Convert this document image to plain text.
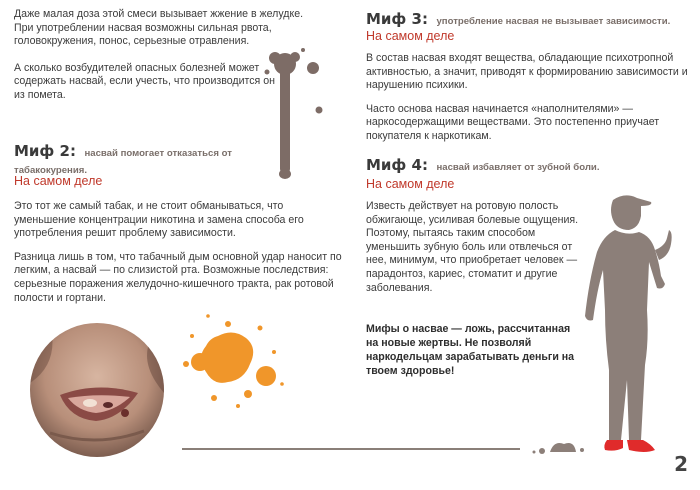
Даже малая доза этой смеси вызывает жжение в желудке. При употреблении насвая возможны сильная рвота, головокружения, понос, серьезные отравления.

А сколько возбудителей опасных болезней может содержать насвай, если учесть, что производится он из помета.

Миф 2: насвай помогает отказаться от
табакокурения.
На самом деле

Это тот же самый табак, и не стоит обманываться, что уменьшение концентрации никотина и замена способа его употребления решит проблему зависимости.

Разница лишь в том, что табачный дым основной удар наносит по легким, а насвай — по слизистой рта. Возможные последствия: серьезные поражения желудочно-кишечного тракта, рак ротовой полости и гортани.

Миф 3: употребление насвая не вызывает зависимости.
На самом деле

В состав насвая входят вещества, обладающие психотропной активностью, а значит, приводят к формированию зависимости и нарушению психики.

Часто основа насвая начинается «наполнителями» — наркосодержащими веществами. Это постепенно приучает покупателя к наркотикам.

Миф 4: насвай избавляет от зубной боли.
На самом деле

Известь действует на ротовую полость обжигающе, усиливая болевые ощущения. Поэтому, пытаясь таким способом уменьшить зубную боль или отвлечься от нее, минимум, что приобретает человек — парадонтоз, кариес, стоматит и другие заболевания.

Мифы о насвае — ложь, рассчитанная на новые жертвы. Не позволяй наркодельцам зарабатывать деньги на твоем здоровье!

2
